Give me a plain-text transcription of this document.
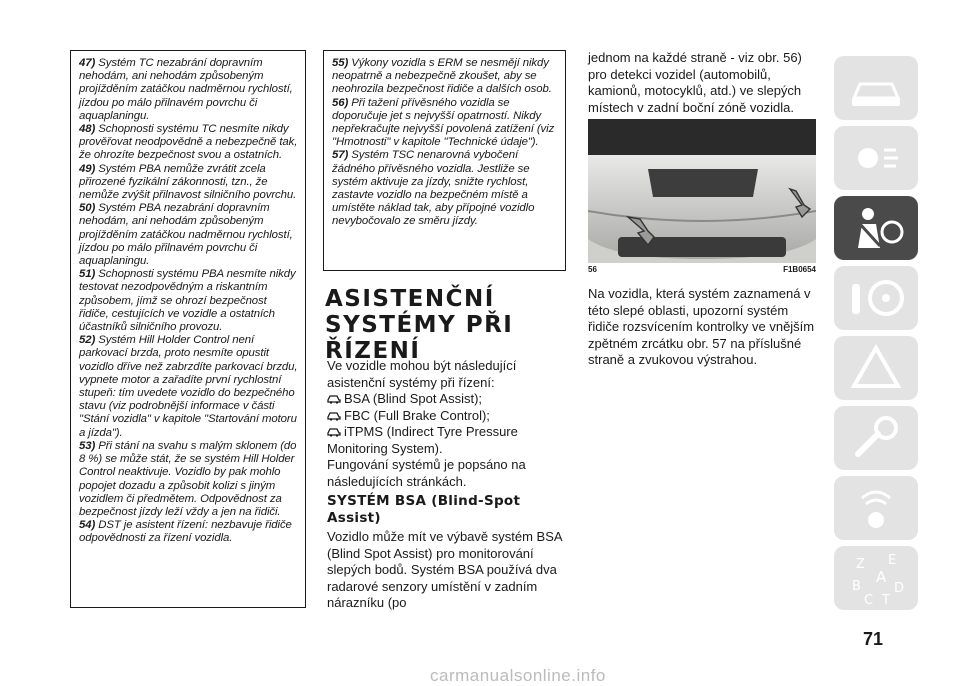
47) Systém TC nezabrání dopravním nehodám, ani nehodám způsobeným projížděním zatáčkou nadměrnou rychlostí, jízdou po málo přilnavém povrchu či aquaplaningu.

48) Schopnosti systému TC nesmíte nikdy prověřovat neodpovědně a nebezpečně tak, že ohrozíte bezpečnost svou a ostatních.

49) Systém PBA nemůže zvrátit zcela přirozené fyzikální zákonnosti, tzn., že nemůže zvýšit přilnavost silničního povrchu.

50) Systém PBA nezabrání dopravním nehodám, ani nehodám způsobeným projížděním zatáčkou nadměrnou rychlostí, jízdou po málo přilnavém povrchu či aquaplaningu.

51) Schopnosti systému PBA nesmíte nikdy testovat nezodpovědným a riskantním způsobem, jímž se ohrozí bezpečnost řidiče, cestujících ve vozidle a ostatních účastníků silničního provozu.

52) Systém Hill Holder Control není parkovací brzda, proto nesmíte opustit vozidlo dříve než zabrzdíte parkovací brzdu, vypnete motor a zařadíte první rychlostní stupeň: tím uvedete vozidlo do bezpečného stavu (viz podrobnější informace v části "Stání vozidla" v kapitole "Startování motoru a jízda").

53) Při stání na svahu s malým sklonem (do 8 %) se může stát, že se systém Hill Holder Control neaktivuje. Vozidlo by pak mohlo popojet dozadu a způsobit kolizi s jiným vozidlem či předmětem. Odpovědnost za bezpečnost jízdy leží vždy a jen na řidiči.

54) DST je asistent řízení: nezbavuje řidiče odpovědnosti za řízení vozidla.

55) Výkony vozidla s ERM se nesmějí nikdy neopatrně a nebezpečně zkoušet, aby se neohrozila bezpečnost řidiče a dalších osob.

56) Při tažení přívěsného vozidla se doporučuje jet s nejvyšší opatrností. Nikdy nepřekračujte nejvyšší povolená zatížení (viz "Hmotnosti" v kapitole "Technické údaje").

57) Systém TSC nenarovná vybočení žádného přívěsného vozidla. Jestliže se systém aktivuje za jízdy, snižte rychlost, zastavte vozidlo na bezpečném místě a umístěte náklad tak, aby přípojné vozidlo nevybočovalo ze směru jízdy.

ASISTENČNÍ
SYSTÉMY PŘI
ŘÍZENÍ

Ve vozidle mohou být následující asistenční systémy při řízení:

BSA (Blind Spot Assist);
FBC (Full Brake Control);
iTPMS (Indirect Tyre Pressure

Monitoring System).

Fungování systémů je popsáno na následujících stránkách.

SYSTÉM BSA (Blind-Spot
Assist)

Vozidlo může mít ve výbavě systém BSA (Blind Spot Assist) pro monitorování slepých bodů. Systém BSA používá dva radarové senzory umístění v zadním nárazníku (po

jednom na každé straně - viz obr. 56) pro detekci vozidel (automobilů, kamionů, motocyklů, atd.) ve slepých místech v zadní boční zóně vozidla.

56	F1B0654

Na vozidla, která systém zaznamená v této slepé oblasti, upozorní systém řidiče rozsvícením kontrolky ve vnějším zpětném zrcátku obr. 57 na příslušné straně a zvukovou výstrahou.

Z E
A
B
C T
D
71
carmanualsonline.info
